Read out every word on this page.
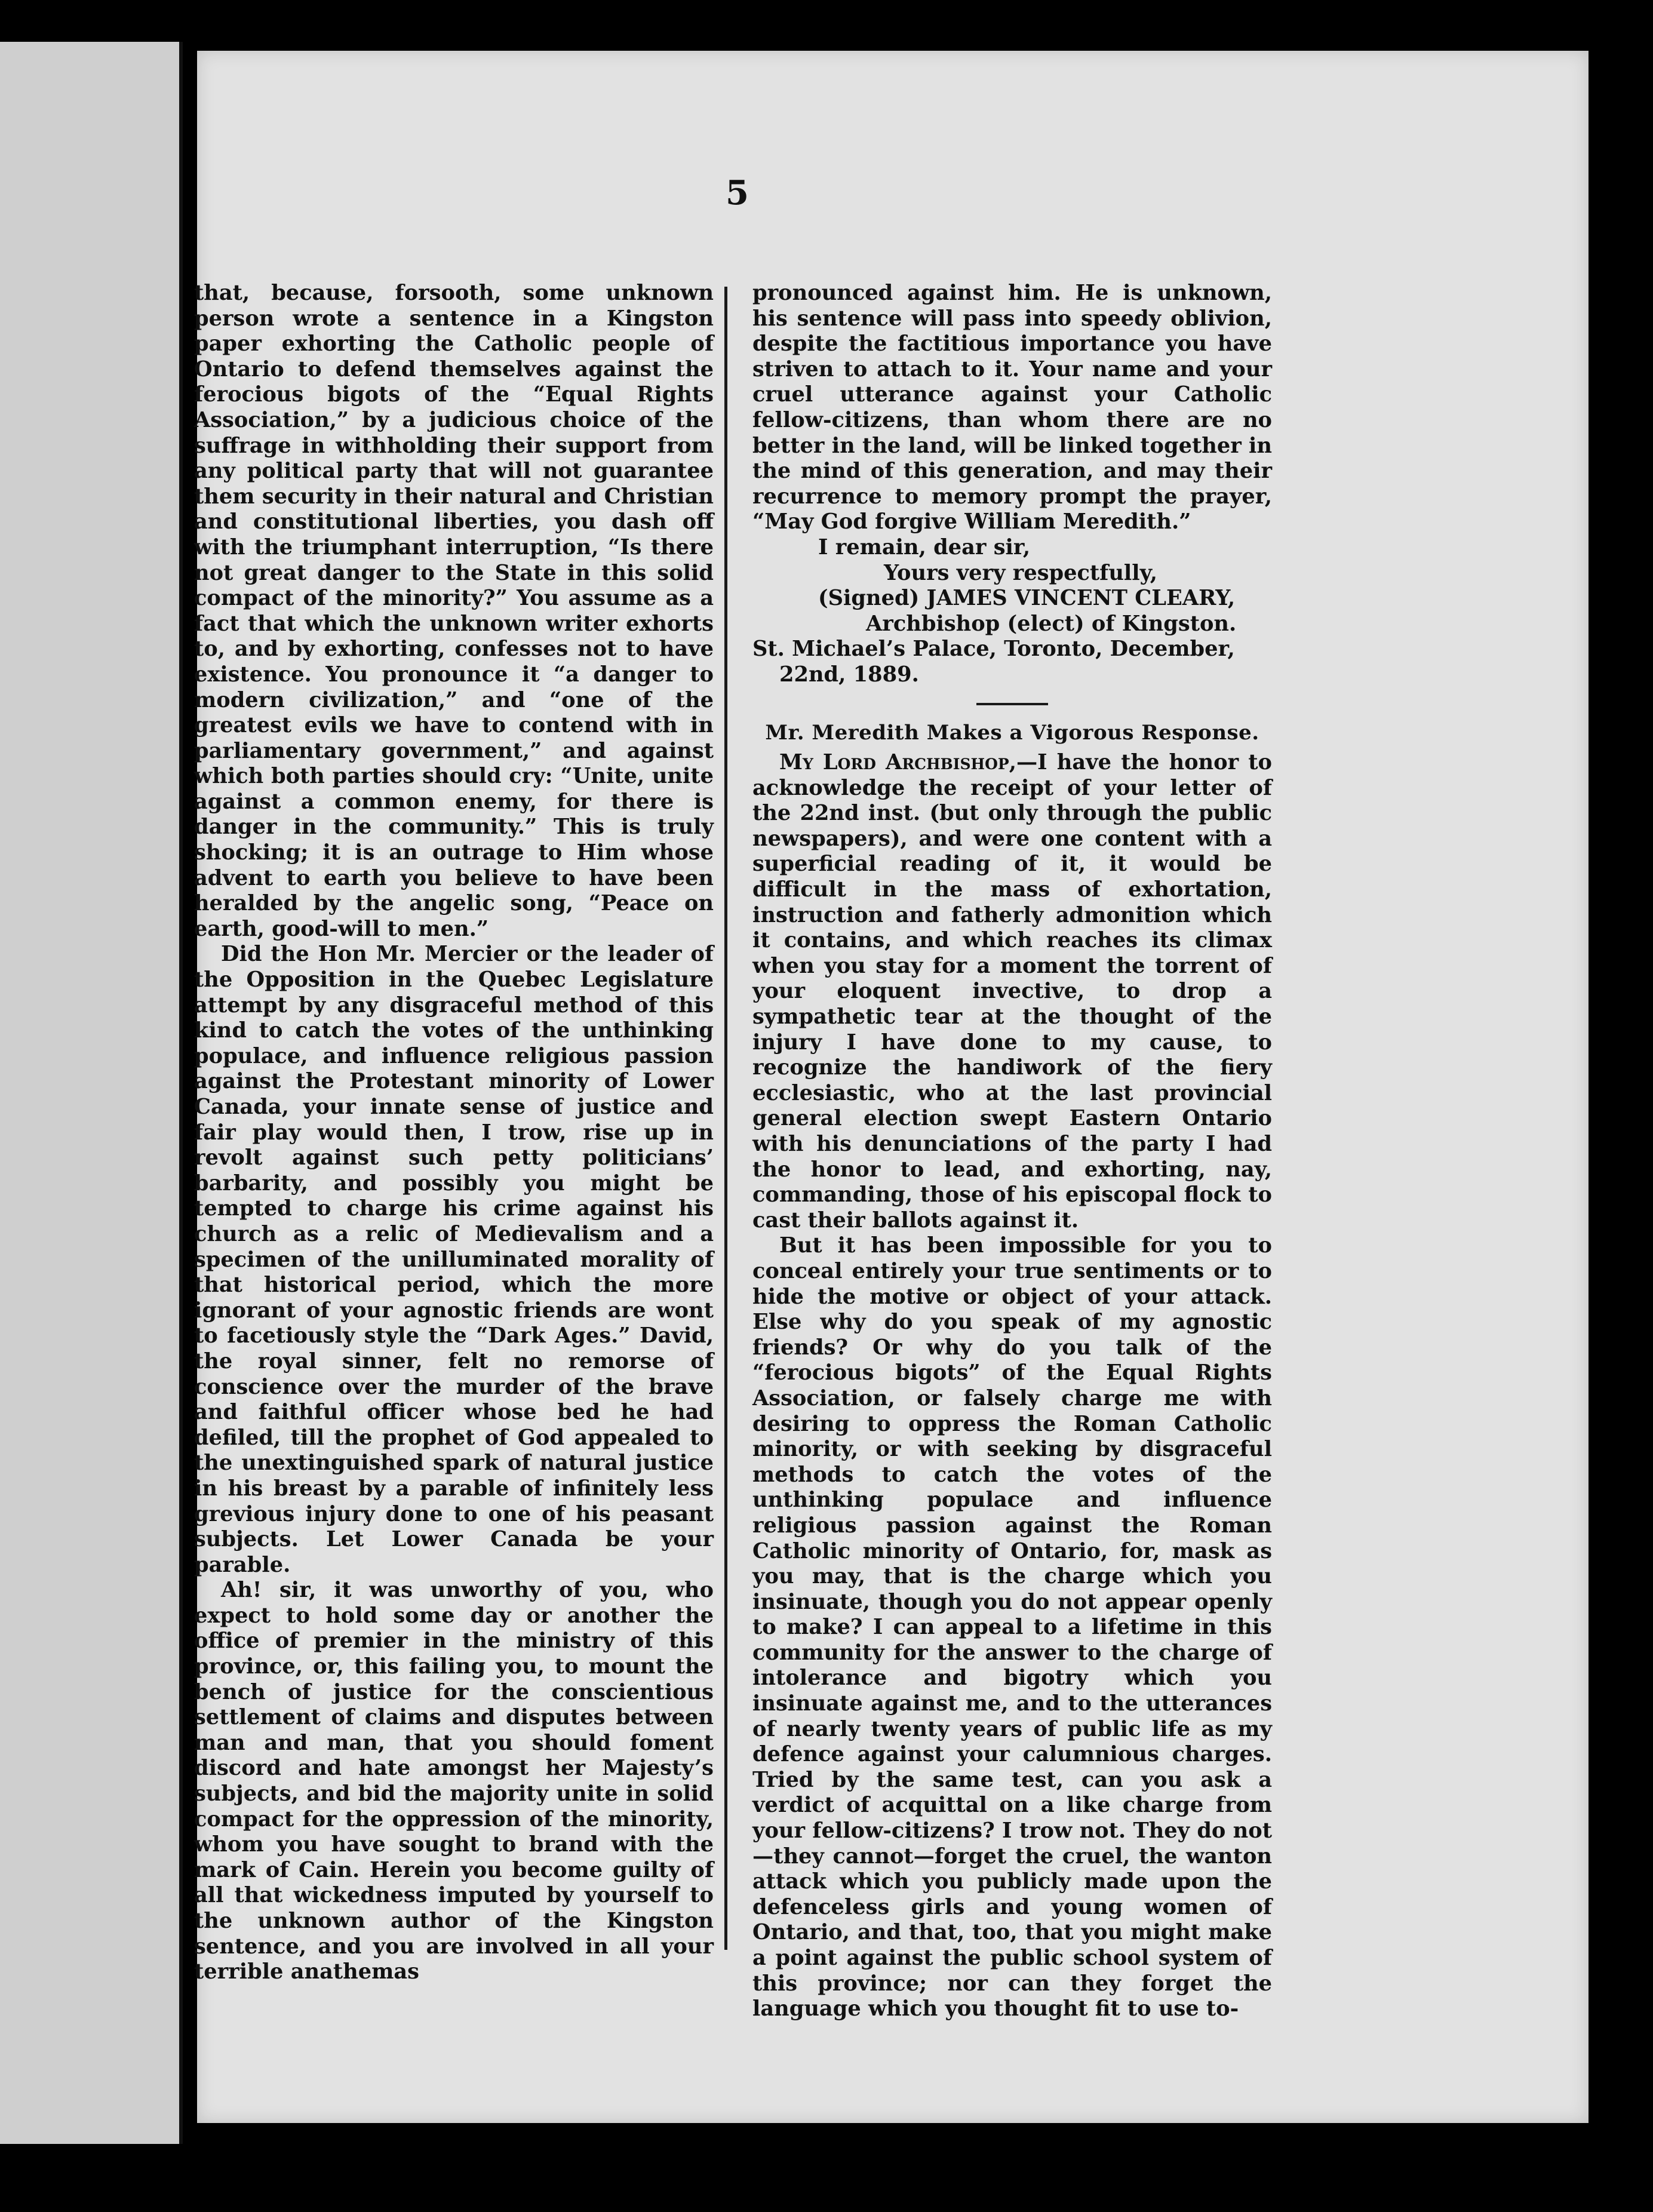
5

that, because, forsooth, some unknown person wrote a sentence in a Kingston paper exhorting the Catholic people of Ontario to defend themselves against the ferocious bigots of the “Equal Rights Association,” by a judicious choice of the suffrage in withholding their support from any political party that will not guarantee them security in their natural and Christian and constitutional liberties, you dash off with the triumphant interruption, “Is there not great danger to the State in this solid compact of the minority?” You assume as a fact that which the unknown writer exhorts to, and by exhorting, confesses not to have existence. You pronounce it “a danger to modern civilization,” and “one of the greatest evils we have to contend with in parliamentary government,” and against which both parties should cry: “Unite, unite against a common enemy, for there is danger in the community.” This is truly shocking; it is an outrage to Him whose advent to earth you believe to have been heralded by the angelic song, “Peace on earth, good-will to men.”

Did the Hon Mr. Mercier or the leader of the Opposition in the Quebec Legislature attempt by any disgraceful method of this kind to catch the votes of the unthinking populace, and influence religious passion against the Protestant minority of Lower Canada, your innate sense of justice and fair play would then, I trow, rise up in revolt against such petty politicians’ barbarity, and possibly you might be tempted to charge his crime against his church as a relic of Medievalism and a specimen of the unilluminated morality of that historical period, which the more ignorant of your agnostic friends are wont to facetiously style the “Dark Ages.” David, the royal sinner, felt no remorse of conscience over the murder of the brave and faithful officer whose bed he had defiled, till the prophet of God appealed to the unextinguished spark of natural justice in his breast by a parable of infinitely less grevious injury done to one of his peasant subjects. Let Lower Canada be your parable.

Ah! sir, it was unworthy of you, who expect to hold some day or another the office of premier in the ministry of this province, or, this failing you, to mount the bench of justice for the conscientious settlement of claims and disputes between man and man, that you should foment discord and hate amongst her Majesty’s subjects, and bid the majority unite in solid compact for the oppression of the minority, whom you have sought to brand with the mark of Cain. Herein you become guilty of all that wickedness imputed by yourself to the unknown author of the Kingston sentence, and you are involved in all your terrible anathemas

pronounced against him. He is unknown, his sentence will pass into speedy oblivion, despite the factitious importance you have striven to attach to it. Your name and your cruel utterance against your Catholic fellow-citizens, than whom there are no better in the land, will be linked together in the mind of this generation, and may their recurrence to memory prompt the prayer, “May God forgive William Meredith.”

I remain, dear sir,
Yours very respectfully,
(Signed) JAMES VINCENT CLEARY,
Archbishop (elect) of Kingston.
St. Michael’s Palace, Toronto, December,
22nd, 1889.
Mr. Meredith Makes a Vigorous Response.

My Lord Archbishop,—I have the honor to acknowledge the receipt of your letter of the 22nd inst. (but only through the public newspapers), and were one content with a superficial reading of it, it would be difficult in the mass of exhortation, instruction and fatherly admonition which it contains, and which reaches its climax when you stay for a moment the torrent of your eloquent invective, to drop a sympathetic tear at the thought of the injury I have done to my cause, to recognize the handiwork of the fiery ecclesiastic, who at the last provincial general election swept Eastern Ontario with his denunciations of the party I had the honor to lead, and exhorting, nay, commanding, those of his episcopal flock to cast their ballots against it.

But it has been impossible for you to conceal entirely your true sentiments or to hide the motive or object of your attack. Else why do you speak of my agnostic friends? Or why do you talk of the “ferocious bigots” of the Equal Rights Association, or falsely charge me with desiring to oppress the Roman Catholic minority, or with seeking by disgraceful methods to catch the votes of the unthinking populace and influence religious passion against the Roman Catholic minority of Ontario, for, mask as you may, that is the charge which you insinuate, though you do not appear openly to make? I can appeal to a lifetime in this community for the answer to the charge of intolerance and bigotry which you insinuate against me, and to the utterances of nearly twenty years of public life as my defence against your calumnious charges. Tried by the same test, can you ask a verdict of acquittal on a like charge from your fellow-citizens? I trow not. They do not—they cannot—forget the cruel, the wanton attack which you publicly made upon the defenceless girls and young women of Ontario, and that, too, that you might make a point against the public school system of this province; nor can they forget the language which you thought fit to use to-
